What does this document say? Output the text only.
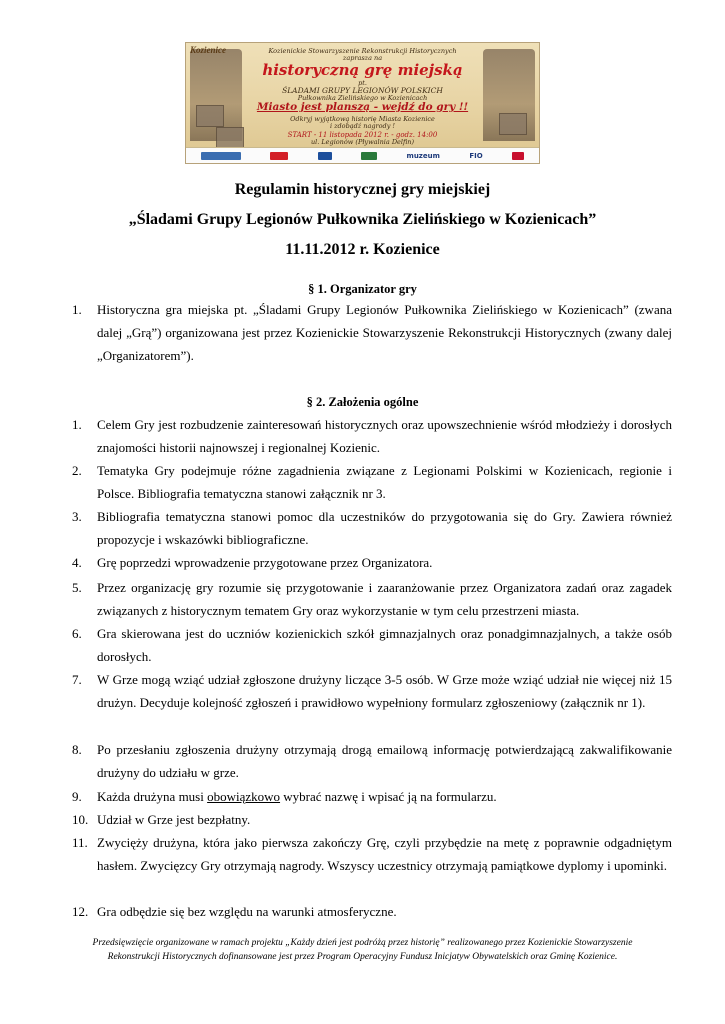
Kozienickie Stowarzyszenie Rekonstrukcji Historycznych
zaprasza na
historyczną grę miejską
pt.
ŚLADAMI GRUPY LEGIONÓW POLSKICH
Pułkownika Zielińskiego w Kozienicach
Miasto jest planszą - wejdź do gry !!
Odkryj wyjątkową historię Miasta Kozienice
i zdobądź nagrody !
START - 11 listopada 2012 r. - godz. 14:00
ul. Legionów (Pływalnia Delfin)
Kozienice
muzeum	FIO
Regulamin historycznej gry miejskiej
„Śladami Grupy Legionów Pułkownika Zielińskiego w Kozienicach”
11.11.2012 r. Kozienice
§ 1. Organizator gry
1.	Historyczna gra miejska pt. „Śladami Grupy Legionów Pułkownika Zielińskiego w Kozienicach” (zwana dalej „Grą”) organizowana jest przez Kozienickie Stowarzyszenie Rekonstrukcji Historycznych (zwany dalej „Organizatorem”).
§ 2. Założenia ogólne
1.	Celem Gry jest rozbudzenie zainteresowań historycznych oraz upowszechnienie wśród młodzieży i dorosłych znajomości historii najnowszej i regionalnej Kozienic.
2.	Tematyka Gry podejmuje różne zagadnienia związane z Legionami Polskimi w Kozienicach, regionie i Polsce. Bibliografia tematyczna stanowi załącznik nr 3.
3.	Bibliografia tematyczna stanowi pomoc dla uczestników do przygotowania się do Gry. Zawiera również propozycje i wskazówki bibliograficzne.
4.	Grę poprzedzi wprowadzenie przygotowane przez Organizatora.
5.	Przez organizację gry rozumie się przygotowanie i zaaranżowanie przez Organizatora zadań oraz zagadek związanych z historycznym tematem Gry oraz wykorzystanie w tym celu przestrzeni miasta.
6.	Gra skierowana jest do uczniów kozienickich szkół gimnazjalnych oraz ponadgimnazjalnych, a także osób dorosłych.
7.	W Grze mogą wziąć udział zgłoszone drużyny liczące 3-5 osób. W Grze może wziąć udział nie więcej niż 15 drużyn. Decyduje kolejność zgłoszeń i prawidłowo wypełniony formularz zgłoszeniowy (załącznik nr 1).
8.	Po przesłaniu zgłoszenia drużyny otrzymają drogą emailową informację potwierdzającą zakwalifikowanie drużyny do udziału w grze.
9.	Każda drużyna musi obowiązkowo wybrać nazwę i wpisać ją na formularzu.
10. Udział w Grze jest bezpłatny.
11. Zwycięży drużyna, która jako pierwsza zakończy Grę, czyli przybędzie na metę z poprawnie odgadniętym hasłem. Zwycięzcy Gry otrzymają nagrody. Wszyscy uczestnicy otrzymają pamiątkowe dyplomy i upominki.
12. Gra odbędzie się bez względu na warunki atmosferyczne.
Przedsięwzięcie organizowane w ramach projektu „Każdy dzień jest podróżą przez historię” realizowanego przez Kozienickie Stowarzyszenie
Rekonstrukcji Historycznych dofinansowane jest przez Program Operacyjny Fundusz Inicjatyw Obywatelskich oraz Gminę Kozienice.
